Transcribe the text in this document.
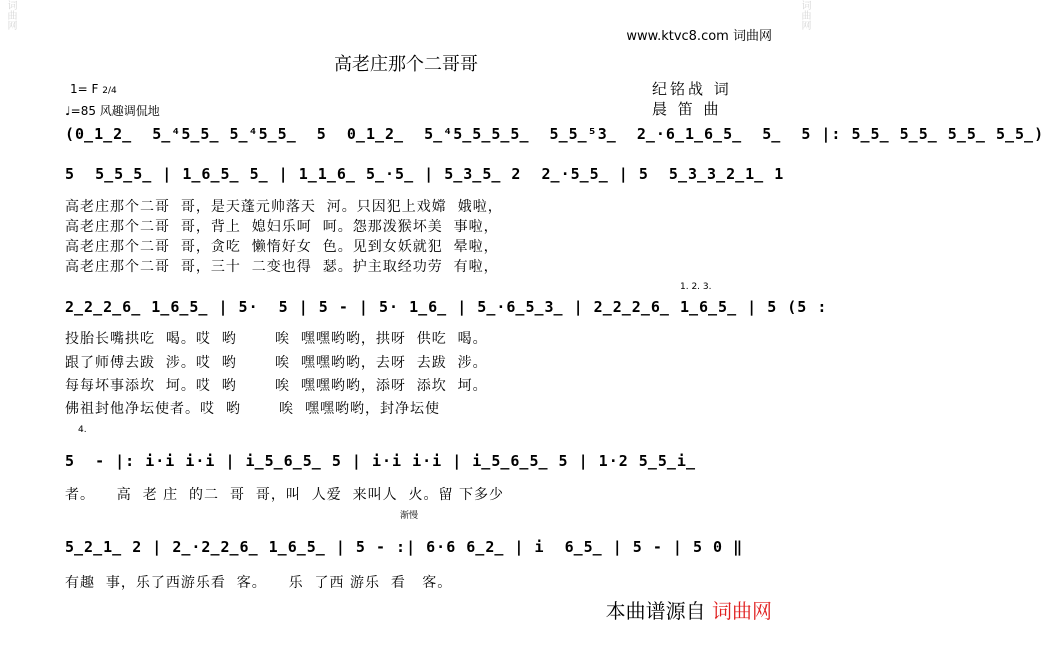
词曲网	词曲网
www.ktvc8.com 词曲网
高老庄那个二哥哥
1= F 2/4
♩=85 风趣调侃地
纪铭战 词
晨 笛 曲
(0̲1̲2̲  5̲⁴5̲5̲ 5̲⁴5̲5̲  5  0̲1̲2̲  5̲⁴5̲5̲5̲5̲  5̲5̲⁵3̲  2̲·6̲1̲6̲5̲  5̲  5 |: 5̲5̲ 5̲5̲ 5̲5̲ 5̲5̲)
5  5̲5̲5̲ | 1̲6̲5̲ 5̲ | 1̲1̲6̲ 5̲·5̲ | 5̲3̲5̲ 2  2̲·5̲5̲ | 5  5̲3̲3̲2̲1̲ 1
高老庄那个二哥  哥，是天蓬元帅落天  河。只因犯上戏嫦  娥啦，
高老庄那个二哥  哥，背上  媳妇乐呵  呵。怨那泼猴坏美  事啦，
高老庄那个二哥  哥，贪吃  懒惰好女  色。见到女妖就犯  晕啦，
高老庄那个二哥  哥，三十  二变也得  瑟。护主取经功劳  有啦，
1. 2. 3.
2̲2̲2̲6̲ 1̲6̲5̲ | 5·  5 | 5 - | 5· 1̲6̲ | 5̲·6̲5̲3̲ | 2̲2̲2̲6̲ 1̲6̲5̲ | 5 (5 :
投胎长嘴拱吃  喝。哎  哟       唉  嘿嘿哟哟，拱呀  供吃  喝。
跟了师傅去跋  涉。哎  哟       唉  嘿嘿哟哟，去呀  去跋  涉。
每每坏事添坎  坷。哎  哟       唉  嘿嘿哟哟，添呀  添坎  坷。
佛祖封他净坛使者。哎  哟       唉  嘿嘿哟哟，封净坛使
4.
5  - |: i·i i·i | i̲5̲6̲5̲ 5 | i·i i·i | i̲5̲6̲5̲ 5 | 1·2 5̲5̲i̲
者。    高  老 庄  的二  哥  哥，叫  人爱  来叫人  火。留 下多少
渐慢
5̲2̲1̲ 2 | 2̲·2̲2̲6̲ 1̲6̲5̲ | 5 - :| 6·6 6̲2̲ | i  6̲5̲ | 5 - | 5 0 ‖
有趣  事，乐了西游乐看  客。    乐  了西 游乐  看   客。
本曲谱源自 词曲网
